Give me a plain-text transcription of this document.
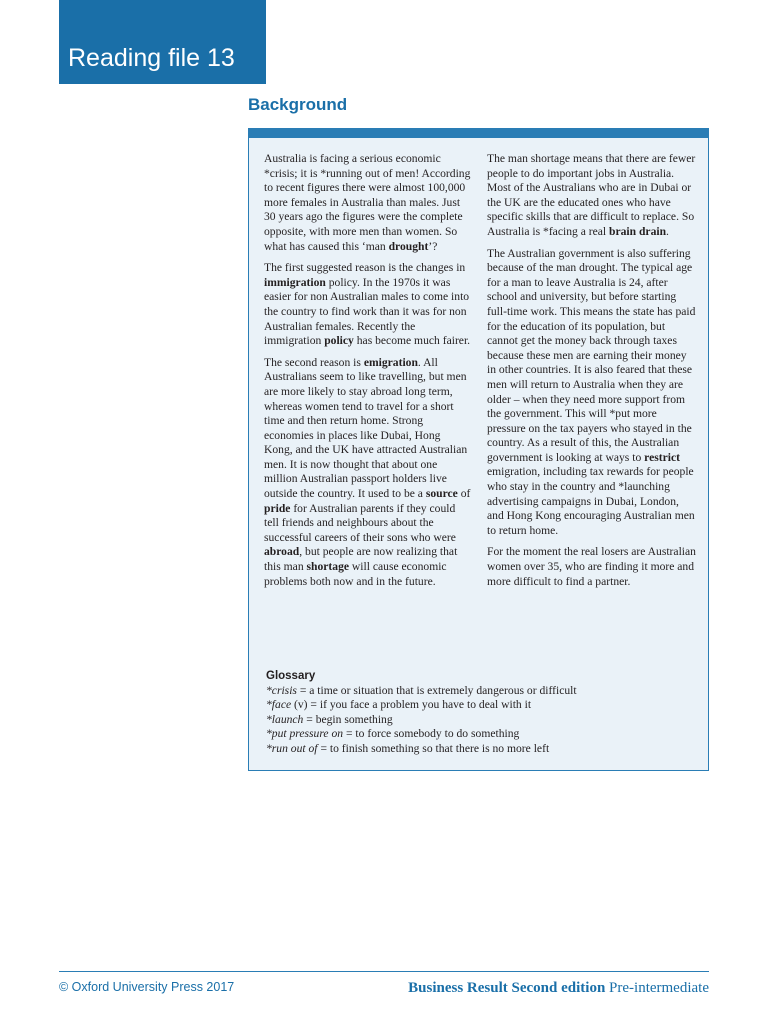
Reading file 13
Background

Australia is facing a serious economic *crisis; it is *running out of men! According to recent figures there were almost 100,000 more females in Australia than males. Just 30 years ago the figures were the complete opposite, with more men than women. So what has caused this ‘man drought’?

The first suggested reason is the changes in immigration policy. In the 1970s it was easier for non Australian males to come into the country to find work than it was for non Australian females. Recently the immigration policy has become much fairer.

The second reason is emigration. All Australians seem to like travelling, but men are more likely to stay abroad long term, whereas women tend to travel for a short time and then return home. Strong economies in places like Dubai, Hong Kong, and the UK have attracted Australian men. It is now thought that about one million Australian passport holders live outside the country. It used to be a source of pride for Australian parents if they could tell friends and neighbours about the successful careers of their sons who were abroad, but people are now realizing that this man shortage will cause economic problems both now and in the future.

The man shortage means that there are fewer people to do important jobs in Australia. Most of the Australians who are in Dubai or the UK are the educated ones who have specific skills that are difficult to replace. So Australia is *facing a real brain drain.

The Australian government is also suffering because of the man drought. The typical age for a man to leave Australia is 24, after school and university, but before starting full-time work. This means the state has paid for the education of its population, but cannot get the money back through taxes because these men are earning their money in other countries. It is also feared that these men will return to Australia when they are older – when they need more support from the government. This will *put more pressure on the tax payers who stayed in the country. As a result of this, the Australian government is looking at ways to restrict emigration, including tax rewards for people who stay in the country and *launching advertising campaigns in Dubai, London, and Hong Kong encouraging Australian men to return home.

For the moment the real losers are Australian women over 35, who are finding it more and more difficult to find a partner.

Glossary
*crisis = a time or situation that is extremely dangerous or difficult
*face (v) = if you face a problem you have to deal with it
*launch = begin something
*put pressure on = to force somebody to do something
*run out of = to finish something so that there is no more left
© Oxford University Press 2017	Business Result Second edition Pre-intermediate
